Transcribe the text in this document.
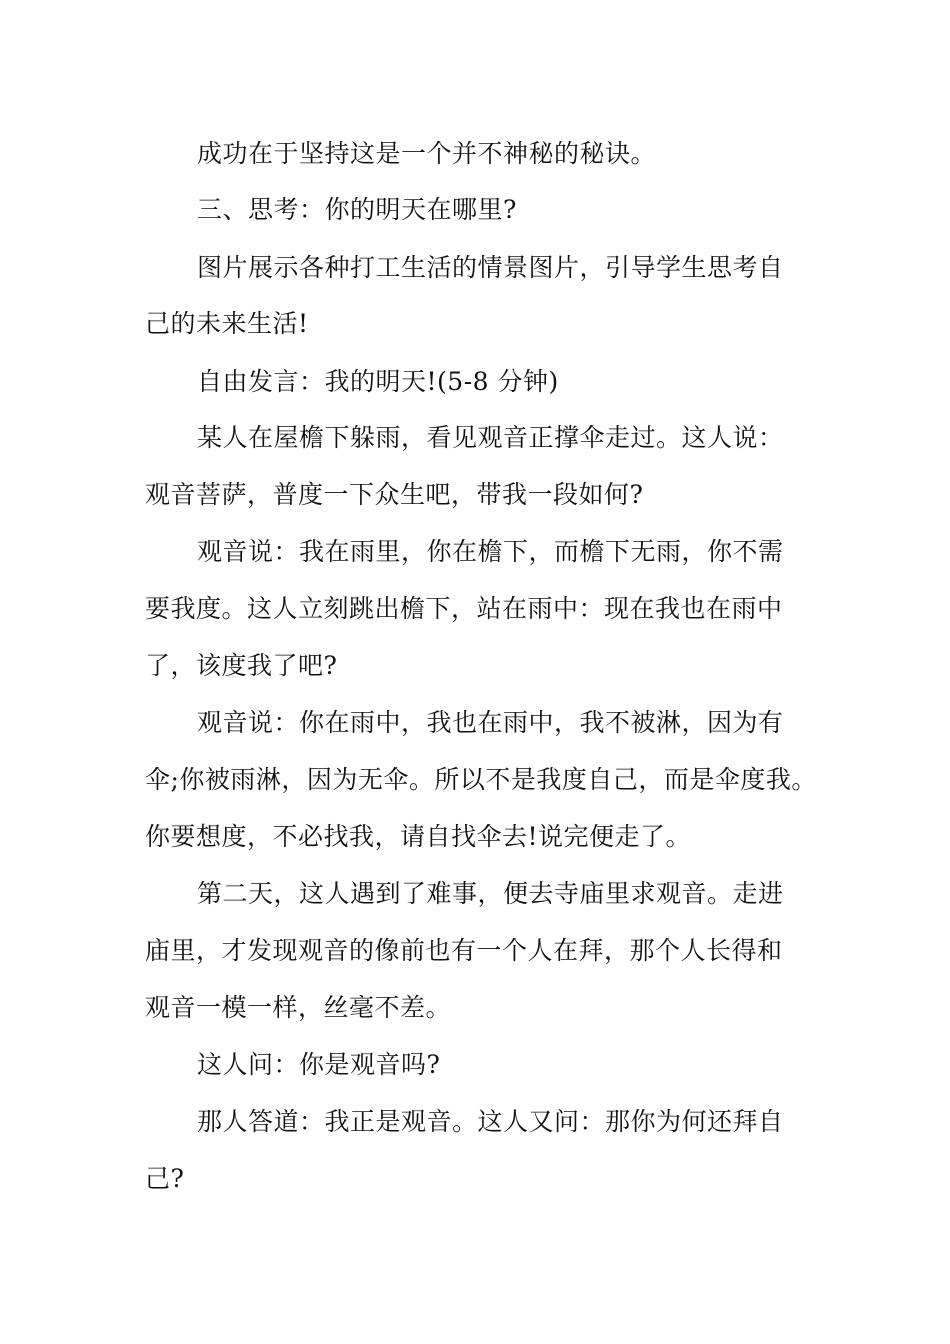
成功在于坚持这是一个并不神秘的秘诀。

三、思考：你的明天在哪里?

图片展示各种打工生活的情景图片，引导学生思考自

己的未来生活!

自由发言：我的明天!(5-8 分钟)

某人在屋檐下躲雨，看见观音正撑伞走过。这人说：

观音菩萨，普度一下众生吧，带我一段如何?

观音说：我在雨里，你在檐下，而檐下无雨，你不需

要我度。这人立刻跳出檐下，站在雨中：现在我也在雨中

了，该度我了吧?

观音说：你在雨中，我也在雨中，我不被淋，因为有

伞;你被雨淋，因为无伞。所以不是我度自己，而是伞度我。

你要想度，不必找我，请自找伞去!说完便走了。

第二天，这人遇到了难事，便去寺庙里求观音。走进

庙里，才发现观音的像前也有一个人在拜，那个人长得和

观音一模一样，丝毫不差。

这人问：你是观音吗?

那人答道：我正是观音。这人又问：那你为何还拜自

己?
